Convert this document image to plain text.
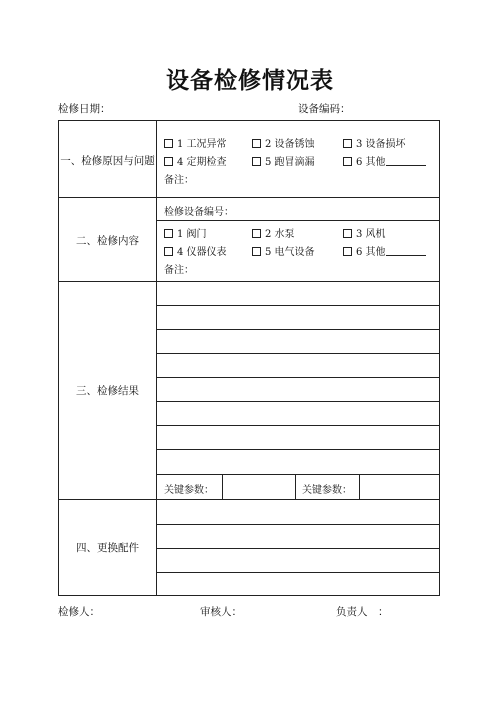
设备检修情况表
检修日期：	设备编码：
一、检修原因与问题
1 工况异常	2 设备锈蚀	3 设备损坏
4 定期检查	5 跑冒滴漏	6 其他
备注：
二、检修内容
检修设备编号：
1 阀门	2 水泵	3 风机
4 仪器仪表	5 电气设备	6 其他
备注：
三、检修结果
关键参数：	关键参数：
四、更换配件
检修人：	审核人：	负责人　：
